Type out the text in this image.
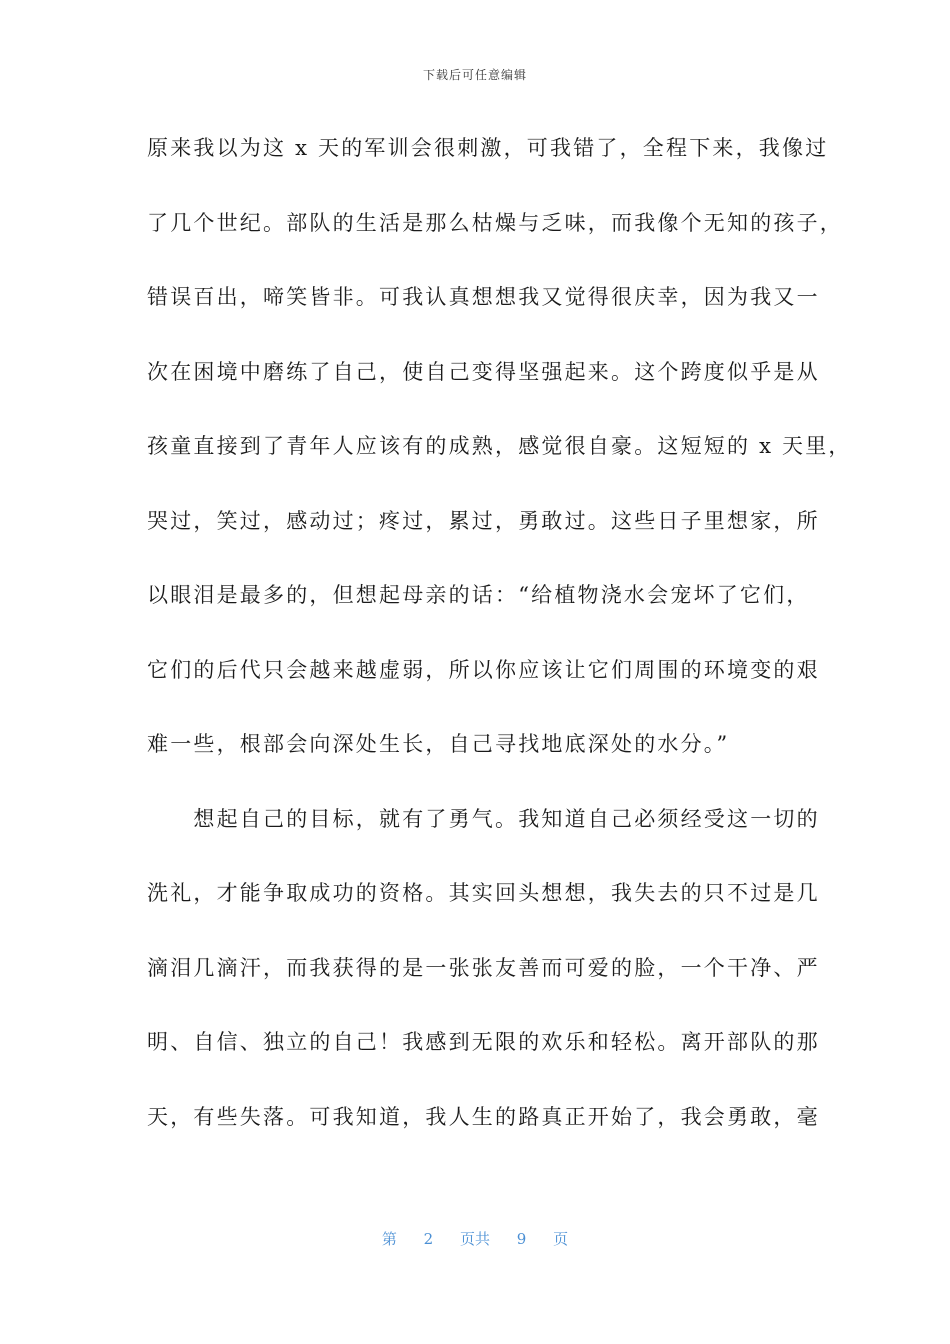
下载后可任意编辑
原来我以为这 x 天的军训会很刺激，可我错了，全程下来，我像过
了几个世纪。部队的生活是那么枯燥与乏味，而我像个无知的孩子，
错误百出，啼笑皆非。可我认真想想我又觉得很庆幸，因为我又一
次在困境中磨练了自己，使自己变得坚强起来。这个跨度似乎是从
孩童直接到了青年人应该有的成熟，感觉很自豪。这短短的 x 天里，
哭过，笑过，感动过；疼过，累过，勇敢过。这些日子里想家，所
以眼泪是最多的，但想起母亲的话：“给植物浇水会宠坏了它们，
它们的后代只会越来越虚弱，所以你应该让它们周围的环境变的艰
难一些，根部会向深处生长，自己寻找地底深处的水分。”
　　想起自己的目标，就有了勇气。我知道自己必须经受这一切的
洗礼，才能争取成功的资格。其实回头想想，我失去的只不过是几
滴泪几滴汗，而我获得的是一张张友善而可爱的脸，一个干净、严
明、自信、独立的自己！我感到无限的欢乐和轻松。离开部队的那
天，有些失落。可我知道，我人生的路真正开始了，我会勇敢，毫
第 2 页共 9 页
